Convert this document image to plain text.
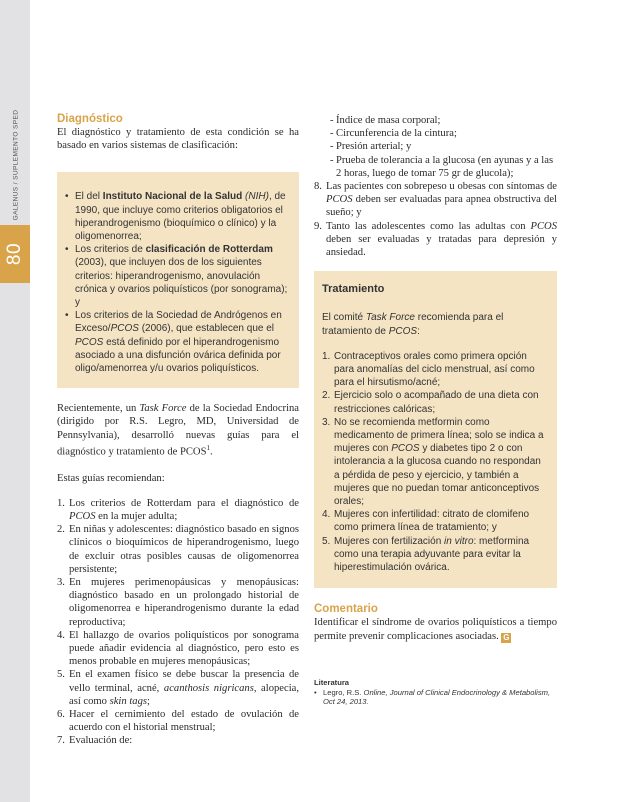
GALENUS / SUPLEMENTO SPED
80
Diagnóstico

El diagnóstico y tratamiento de esta condición se ha basado en varios sistemas de clasificación:

• El del Instituto Nacional de la Salud (NIH), de 1990, que incluye como criterios obligatorios el hiperandrogenismo (bioquímico o clínico) y la oligomenorrea;
• Los criterios de clasificación de Rotterdam (2003), que incluyen dos de los siguientes criterios: hiperandrogenismo, anovulación crónica y ovarios poliquísticos (por sonograma); y
• Los criterios de la Sociedad de Andrógenos en Exceso/PCOS (2006), que establecen que el PCOS está definido por el hiperandrogenismo asociado a una disfunción ovárica definida por oligo/amenorrea y/u ovarios poliquísticos.

Recientemente, un Task Force de la Sociedad Endocrina (dirigido por R.S. Legro, MD, Universidad de Pennsylvania), desarrolló nuevas guías para el diagnóstico y tratamiento de PCOS$^1$.

Estas guías recomiendan:

1. Los criterios de Rotterdam para el diagnóstico de PCOS en la mujer adulta;
2. En niñas y adolescentes: diagnóstico basado en signos clínicos o bioquímicos de hiperandrogenismo, luego de excluir otras posibles causas de oligomenorrea persistente;
3. En mujeres perimenopáusicas y menopáusicas: diagnóstico basado en un prolongado historial de oligomenorrea e hiperandrogenismo durante la edad reproductiva;
4. El hallazgo de ovarios poliquísticos por sonograma puede añadir evidencia al diagnóstico, pero esto es menos probable en mujeres menopáusicas;
5. En el examen físico se debe buscar la presencia de vello terminal, acné, acanthosis nigricans, alopecia, así como skin tags;
6. Hacer el cernimiento del estado de ovulación de acuerdo con el historial menstrual;
7. Evaluación de:
- Índice de masa corporal;
- Circunferencia de la cintura;
- Presión arterial; y
- Prueba de tolerancia a la glucosa (en ayunas y a las 2 horas, luego de tomar 75 gr de glucola);
8. Las pacientes con sobrepeso u obesas con síntomas de PCOS deben ser evaluadas para apnea obstructiva del sueño; y
9. Tanto las adolescentes como las adultas con PCOS deben ser evaluadas y tratadas para depresión y ansiedad.
Tratamiento

El comité Task Force recomienda para el tratamiento de PCOS:

1. Contraceptivos orales como primera opción para anomalías del ciclo menstrual, así como para el hirsutismo/acné;
2. Ejercicio solo o acompañado de una dieta con restricciones calóricas;
3. No se recomienda metformin como medicamento de primera línea; solo se indica a mujeres con PCOS y diabetes tipo 2 o con intolerancia a la glucosa cuando no respondan a pérdida de peso y ejercicio, y también a mujeres que no puedan tomar anticonceptivos orales;
4. Mujeres con infertilidad: citrato de clomifeno como primera línea de tratamiento; y
5. Mujeres con fertilización in vitro: metformina como una terapia adyuvante para evitar la hiperestimulación ovárica.
Comentario

Identificar el síndrome de ovarios poliquísticos a tiempo permite prevenir complicaciones asociadas. G

Literatura
• Legro, R.S. Online, Journal of Clinical Endocrinology & Metabolism, Oct 24, 2013.
